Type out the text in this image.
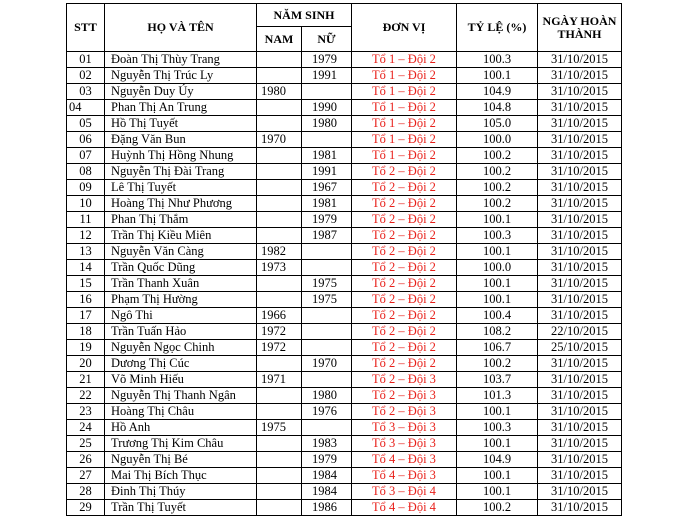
STT	HỌ VÀ TÊN	NĂM SINH		ĐƠN VỊ	TỶ LỆ (%)	NGÀY HOÀN THÀNH
		NAM	NỮ			
01	Đoàn Thị Thùy Trang		1979	Tổ 1 – Đội 2	100.3	31/10/2015
02	Nguyễn Thị Trúc Ly		1991	Tổ 1 – Đội 2	100.1	31/10/2015
03	Nguyễn Duy Úy	1980		Tổ 1 – Đội 2	104.9	31/10/2015
04	Phan Thị An Trung		1990	Tổ 1 – Đội 2	104.8	31/10/2015
05	Hồ Thị Tuyết		1980	Tổ 1 – Đội 2	105.0	31/10/2015
06	Đặng Văn Bun	1970		Tổ 1 – Đội 2	100.0	31/10/2015
07	Huỳnh Thị Hồng Nhung		1981	Tổ 1 – Đội 2	100.2	31/10/2015
08	Nguyễn Thị Đài Trang		1991	Tổ 2 – Đội 2	100.2	31/10/2015
09	Lê Thị Tuyết		1967	Tổ 2 – Đội 2	100.2	31/10/2015
10	Hoàng Thị Như Phương		1981	Tổ 2 – Đội 2	100.2	31/10/2015
11	Phan Thị Thắm		1979	Tổ 2 – Đội 2	100.1	31/10/2015
12	Trần Thị Kiều Miên		1987	Tổ 2 – Đội 2	100.3	31/10/2015
13	Nguyễn Văn Càng	1982		Tổ 2 – Đội 2	100.1	31/10/2015
14	Trần Quốc Dũng	1973		Tổ 2 – Đội 2	100.0	31/10/2015
15	Trần Thanh Xuân		1975	Tổ 2 – Đội 2	100.1	31/10/2015
16	Phạm Thị Hường		1975	Tổ 2 – Đội 2	100.1	31/10/2015
17	Ngô Thi	1966		Tổ 2 – Đội 2	100.4	31/10/2015
18	Trần Tuấn Hảo	1972		Tổ 2 – Đội 2	108.2	22/10/2015
19	Nguyễn Ngọc Chinh	1972		Tổ 2 – Đội 2	106.7	25/10/2015
20	Dương Thị Cúc		1970	Tổ 2 – Đội 2	100.2	31/10/2015
21	Võ Minh Hiếu	1971		Tổ 2 – Đội 3	103.7	31/10/2015
22	Nguyễn Thị Thanh Ngân		1980	Tổ 2 – Đội 3	101.3	31/10/2015
23	Hoàng Thị Châu		1976	Tổ 2 – Đội 3	100.1	31/10/2015
24	Hồ Anh	1975		Tổ 3 – Đội 3	100.3	31/10/2015
25	Trương Thị Kim Châu		1983	Tổ 3 – Đội 3	100.1	31/10/2015
26	Nguyễn Thị Bé		1979	Tổ 4 – Đội 3	104.9	31/10/2015
27	Mai Thị Bích Thục		1984	Tổ 4 – Đội 3	100.1	31/10/2015
28	Đinh Thị Thúy		1984	Tổ 3 – Đội 4	100.1	31/10/2015
29	Trần Thị Tuyết		1986	Tổ 4 – Đội 4	100.2	31/10/2015
